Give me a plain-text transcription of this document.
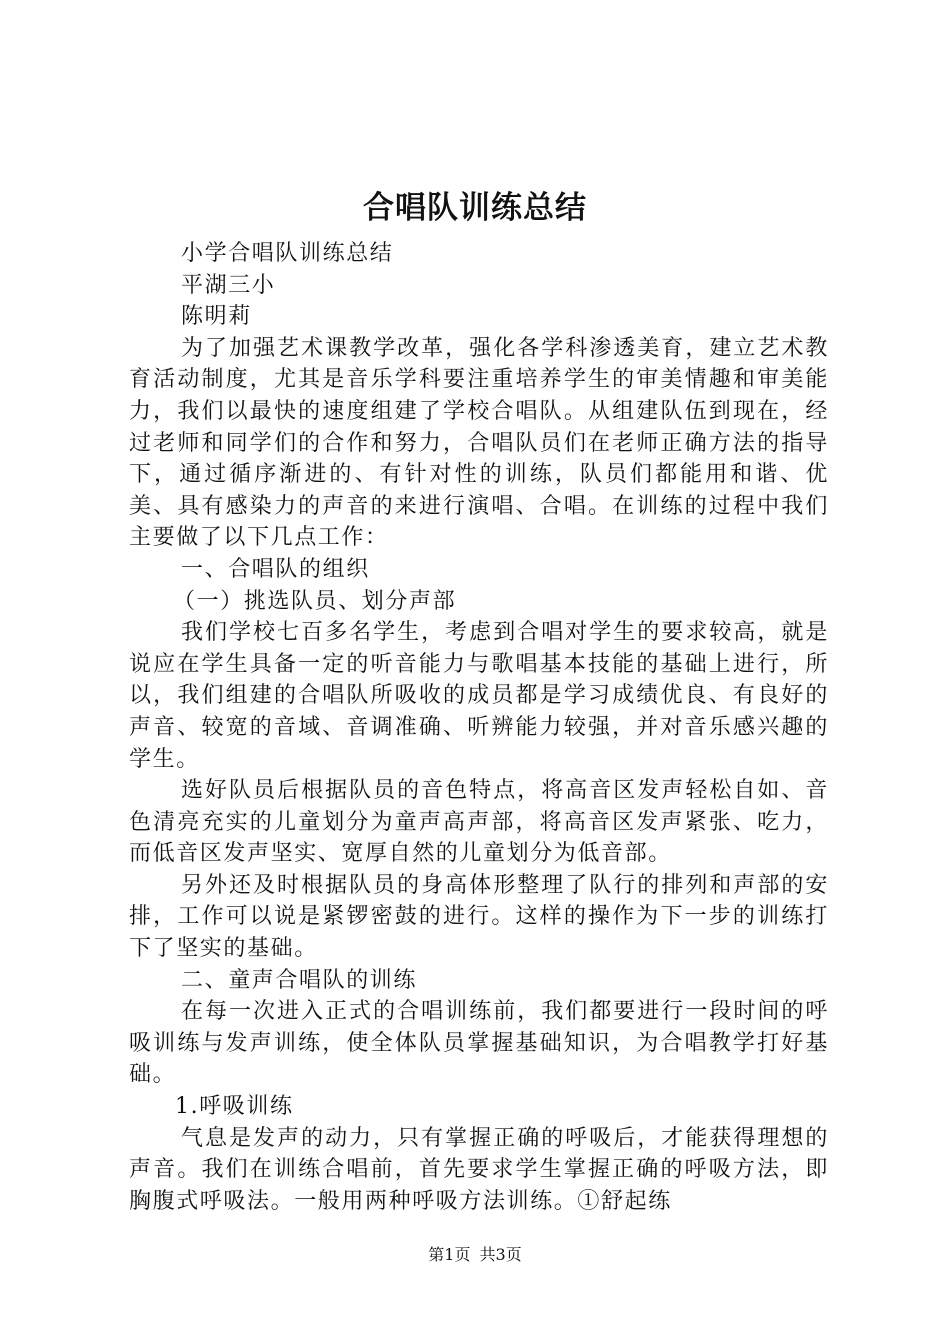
合唱队训练总结

小学合唱队训练总结

平湖三小

陈明莉

为了加强艺术课教学改革，强化各学科渗透美育，建立艺术教育活动制度，尤其是音乐学科要注重培养学生的审美情趣和审美能力，我们以最快的速度组建了学校合唱队。从组建队伍到现在，经过老师和同学们的合作和努力，合唱队员们在老师正确方法的指导下，通过循序渐进的、有针对性的训练，队员们都能用和谐、优美、具有感染力的声音的来进行演唱、合唱。在训练的过程中我们主要做了以下几点工作：

一、合唱队的组织

（一）挑选队员、划分声部

我们学校七百多名学生，考虑到合唱对学生的要求较高，就是说应在学生具备一定的听音能力与歌唱基本技能的基础上进行，所以，我们组建的合唱队所吸收的成员都是学习成绩优良、有良好的声音、较宽的音域、音调准确、听辨能力较强，并对音乐感兴趣的学生。

选好队员后根据队员的音色特点，将高音区发声轻松自如、音色清亮充实的儿童划分为童声高声部，将高音区发声紧张、吃力，而低音区发声坚实、宽厚自然的儿童划分为低音部。

另外还及时根据队员的身高体形整理了队行的排列和声部的安排，工作可以说是紧锣密鼓的进行。这样的操作为下一步的训练打下了坚实的基础。

二、童声合唱队的训练

在每一次进入正式的合唱训练前，我们都要进行一段时间的呼吸训练与发声训练，使全体队员掌握基础知识，为合唱教学打好基础。

1.呼吸训练

气息是发声的动力，只有掌握正确的呼吸后，才能获得理想的声音。我们在训练合唱前，首先要求学生掌握正确的呼吸方法，即胸腹式呼吸法。一般用两种呼吸方法训练。①舒起练

第1页 共3页
